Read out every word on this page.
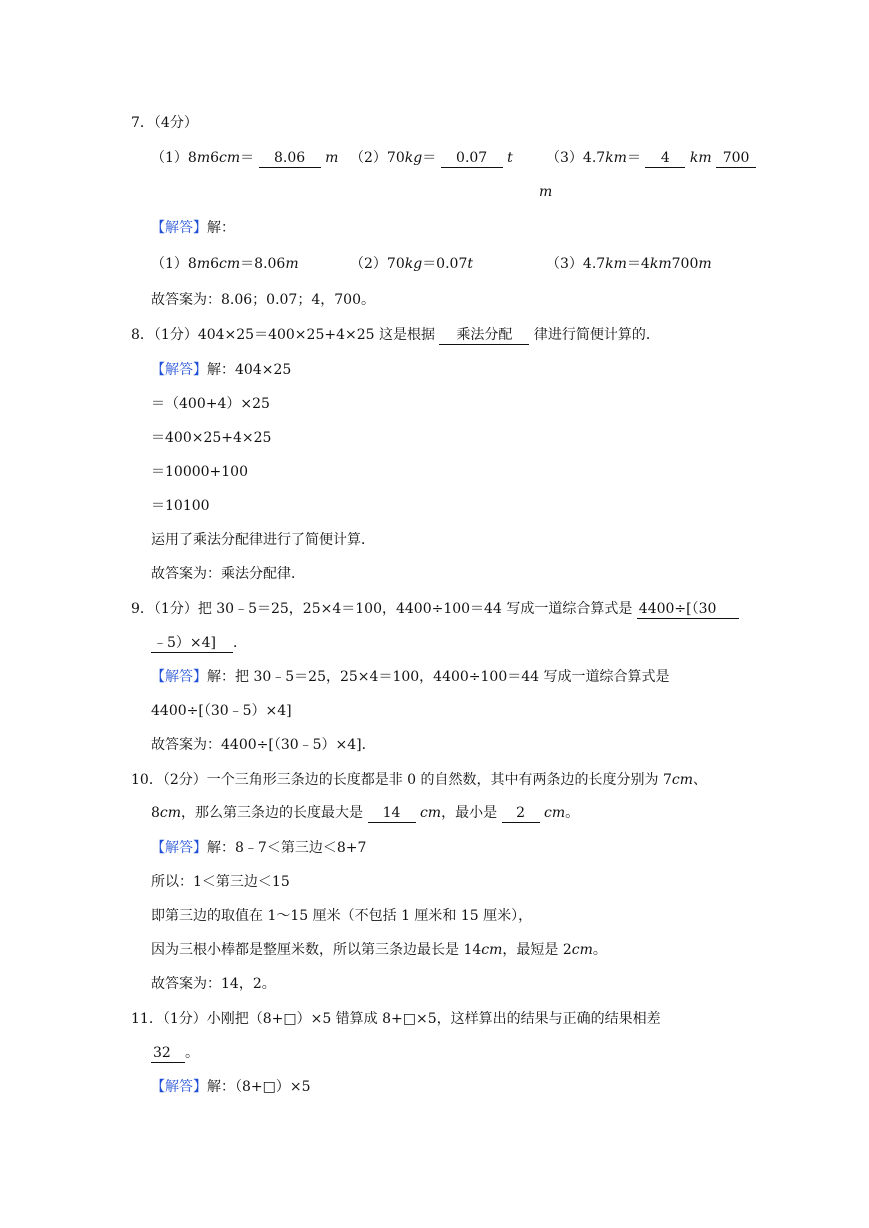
7．（4分）
（1）8m6cm＝ 8.06 m （2）70kg＝ 0.07 t （3）4.7km＝ 4 km 700
m
【解答】解：
（1）8m6cm＝8.06m	（2）70kg＝0.07t	（3）4.7km＝4km700m
故答案为：8.06；0.07；4，700。
8．（1分）404×25＝400×25+4×25 这是根据 乘法分配 律进行简便计算的．
【解答】解：404×25
＝（400+4）×25
＝400×25+4×25
＝10000+100
＝10100
运用了乘法分配律进行了简便计算．
故答案为：乘法分配律．
9．（1分）把 30﹣5＝25，25×4＝100，4400÷100＝44 写成一道综合算式是 4400÷[（30
﹣5）×4] ．
【解答】解：把 30﹣5＝25，25×4＝100，4400÷100＝44 写成一道综合算式是
4400÷[（30﹣5）×4]
故答案为：4400÷[（30﹣5）×4]．
10．（2分）一个三角形三条边的长度都是非 0 的自然数，其中有两条边的长度分别为 7cm、
8cm，那么第三条边的长度最大是 14 cm，最小是 2 cm。
【解答】解：8﹣7＜第三边＜8+7
所以：1＜第三边＜15
即第三边的取值在 1～15 厘米（不包括 1 厘米和 15 厘米），
因为三根小棒都是整厘米数，所以第三条边最长是 14cm，最短是 2cm。
故答案为：14，2。
11．（1分）小刚把（8+□）×5 错算成 8+□×5，这样算出的结果与正确的结果相差
32 。
【解答】解：（8+□）×5
